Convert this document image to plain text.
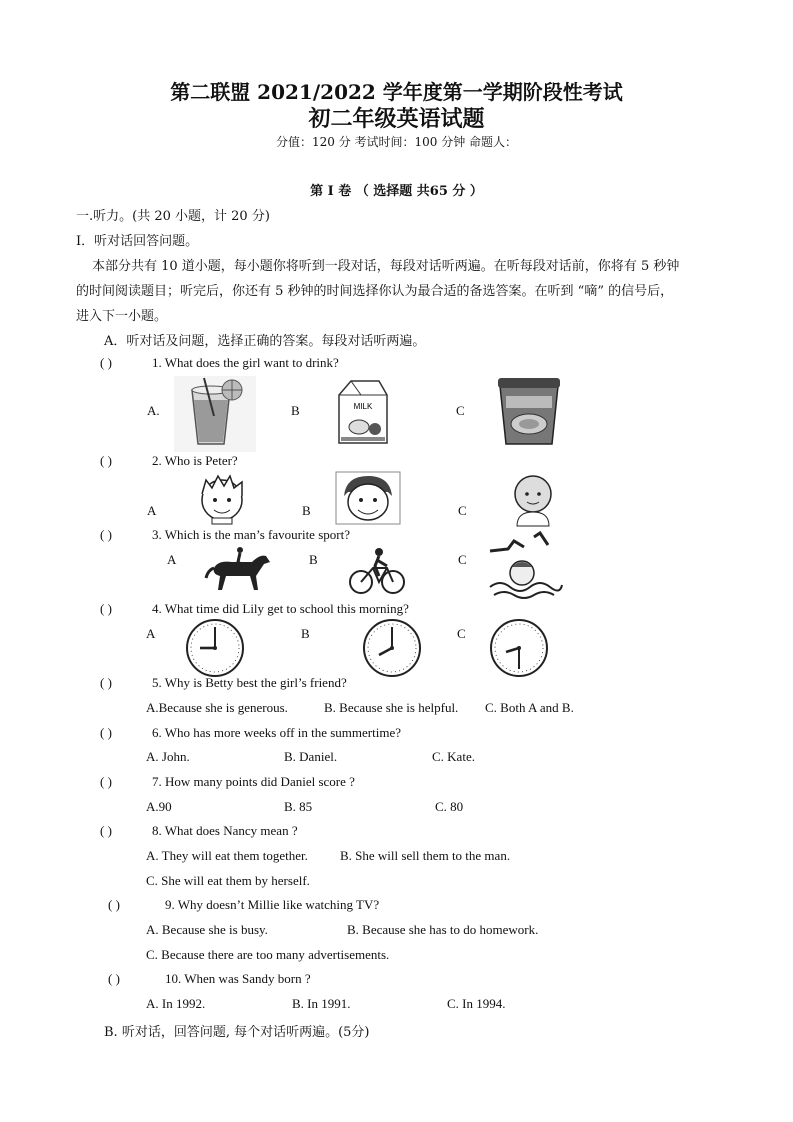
第二联盟 2021/2022 学年度第一学期阶段性考试
初二年级英语试题
分值：120 分 考试时间：100 分钟 命题人：
第 I 卷 （ 选择题 共65 分 ）
一.听力。(共 20 小题，计 20 分)
Ⅰ．听对话回答问题。
本部分共有 10 道小题，每小题你将听到一段对话，每段对话听两遍。在听每段对话前，你将有 5 秒钟
的时间阅读题目；听完后，你还有 5 秒钟的时间选择你认为最合适的备选答案。在听到 “嘀” 的信号后，
进入下一小题。
A．听对话及问题，选择正确的答案。每段对话听两遍。
( )	1. What does the girl want to drink?
A.	B	C
MILK
( )	2. Who is Peter?
A	B	C
( )	3. Which is the man’s favourite sport?
A	B	C
( )	4. What time did Lily get to school this morning?
A	B	C
( )	5. Why is Betty best the girl’s friend?
A.Because she is generous.	B. Because she is helpful. C. Both A and B.
( )	6. Who has more weeks off in the summertime?
A. John.	B. Daniel.	C. Kate.
( )	7. How many points did Daniel score ?
A.90	B. 85	C. 80
( )	8. What does Nancy mean ?
A. They will eat them together. B. She will sell them to the man.
C. She will eat them by herself.
( )	9. Why doesn’t Millie like watching TV?
A. Because she is busy.	B. Because she has to do homework.
C. Because there are too many advertisements.
( )	10. When was Sandy born ?
A. In 1992.	B. In 1991.	C. In 1994.
B. 听对话，回答问题, 每个对话听两遍。(5分)
